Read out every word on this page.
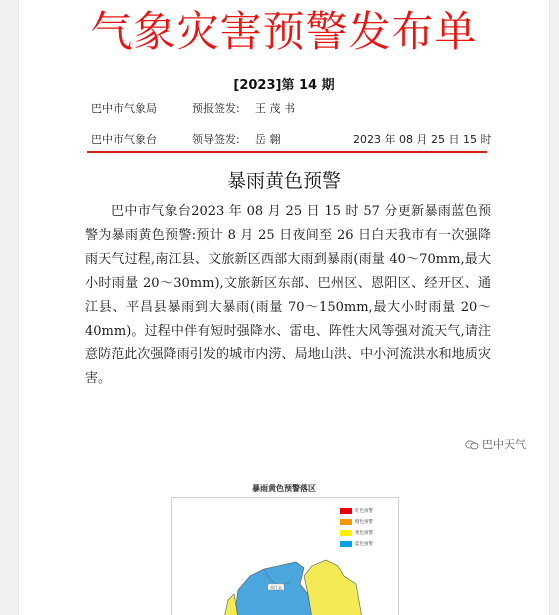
气象灾害预警发布单
[2023]第 14 期
巴中市气象局	预报签发: 王 茂 书
巴中市气象台	领导签发: 岳 翱	2023 年 08 月 25 日 15 时
暴雨黄色预警

巴中市气象台2023 年 08 月 25 日 15 时 57 分更新暴雨蓝色预警为暴雨黄色预警:预计 8 月 25 日夜间至 26 日白天我市有一次强降雨天气过程,南江县、文旅新区西部大雨到暴雨(雨量 40～70mm,最大小时雨量 20～30mm),文旅新区东部、巴州区、恩阳区、经开区、通江县、平昌县暴雨到大暴雨(雨量 70～150mm,最大小时雨量 20～40mm)。过程中伴有短时强降水、雷电、阵性大风等强对流天气,请注意防范此次强降雨引发的城市内涝、局地山洪、中小河流洪水和地质灾害。

巴中天气
暴雨黄色预警落区
南江县
红色预警
橙色预警
黄色预警
蓝色预警
